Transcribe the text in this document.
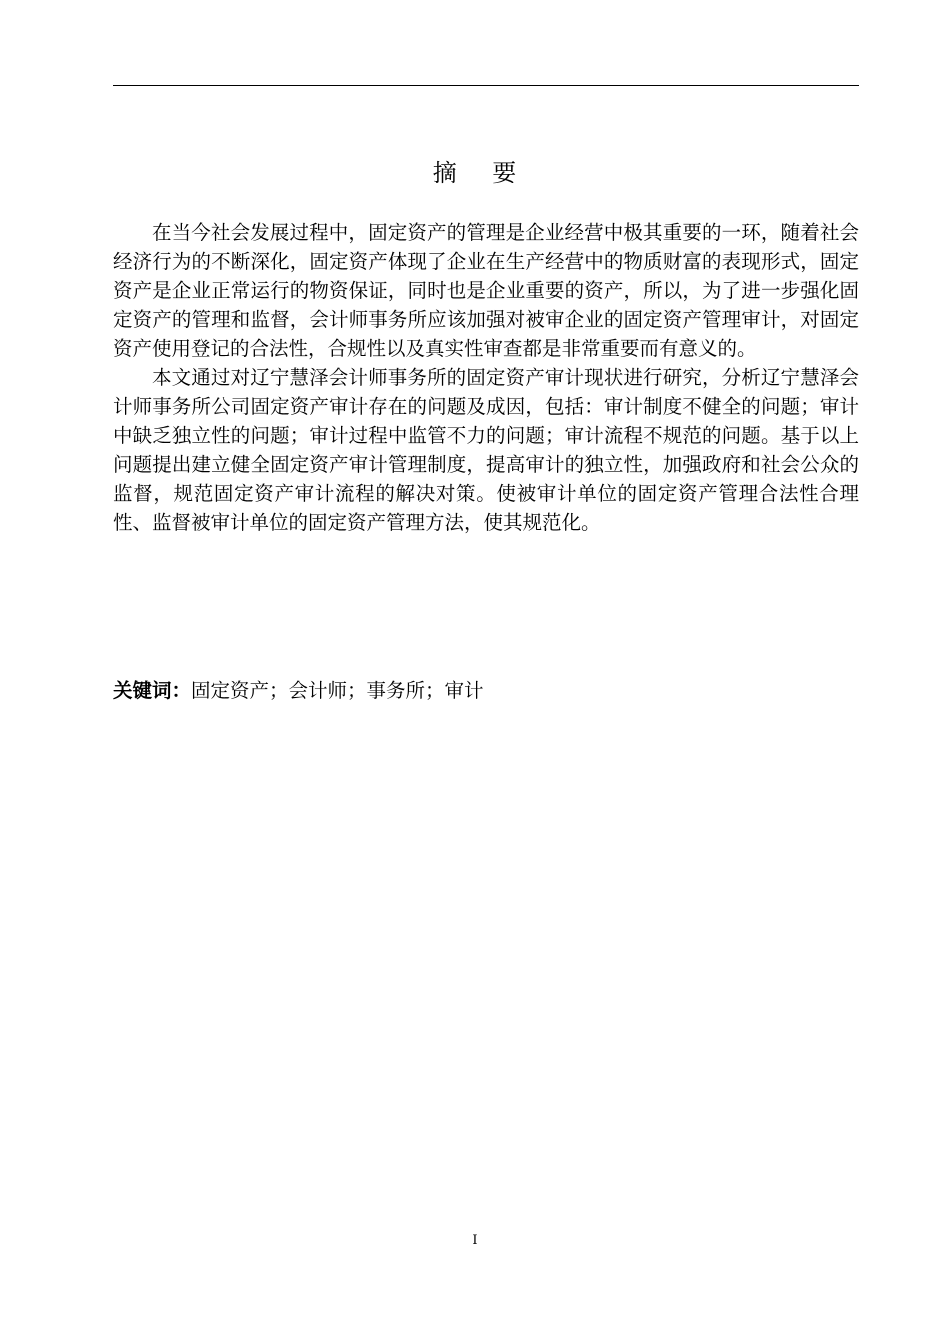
摘    要

在当今社会发展过程中，固定资产的管理是企业经营中极其重要的一环，随着社会经济行为的不断深化，固定资产体现了企业在生产经营中的物质财富的表现形式，固定资产是企业正常运行的物资保证，同时也是企业重要的资产，所以，为了进一步强化固定资产的管理和监督，会计师事务所应该加强对被审企业的固定资产管理审计，对固定资产使用登记的合法性，合规性以及真实性审查都是非常重要而有意义的。

本文通过对辽宁慧泽会计师事务所的固定资产审计现状进行研究，分析辽宁慧泽会计师事务所公司固定资产审计存在的问题及成因，包括：审计制度不健全的问题；审计中缺乏独立性的问题；审计过程中监管不力的问题；审计流程不规范的问题。基于以上问题提出建立健全固定资产审计管理制度，提高审计的独立性，加强政府和社会公众的监督，规范固定资产审计流程的解决对策。使被审计单位的固定资产管理合法性合理性、监督被审计单位的固定资产管理方法，使其规范化。

关键词：固定资产；会计师；事务所；审计
I
